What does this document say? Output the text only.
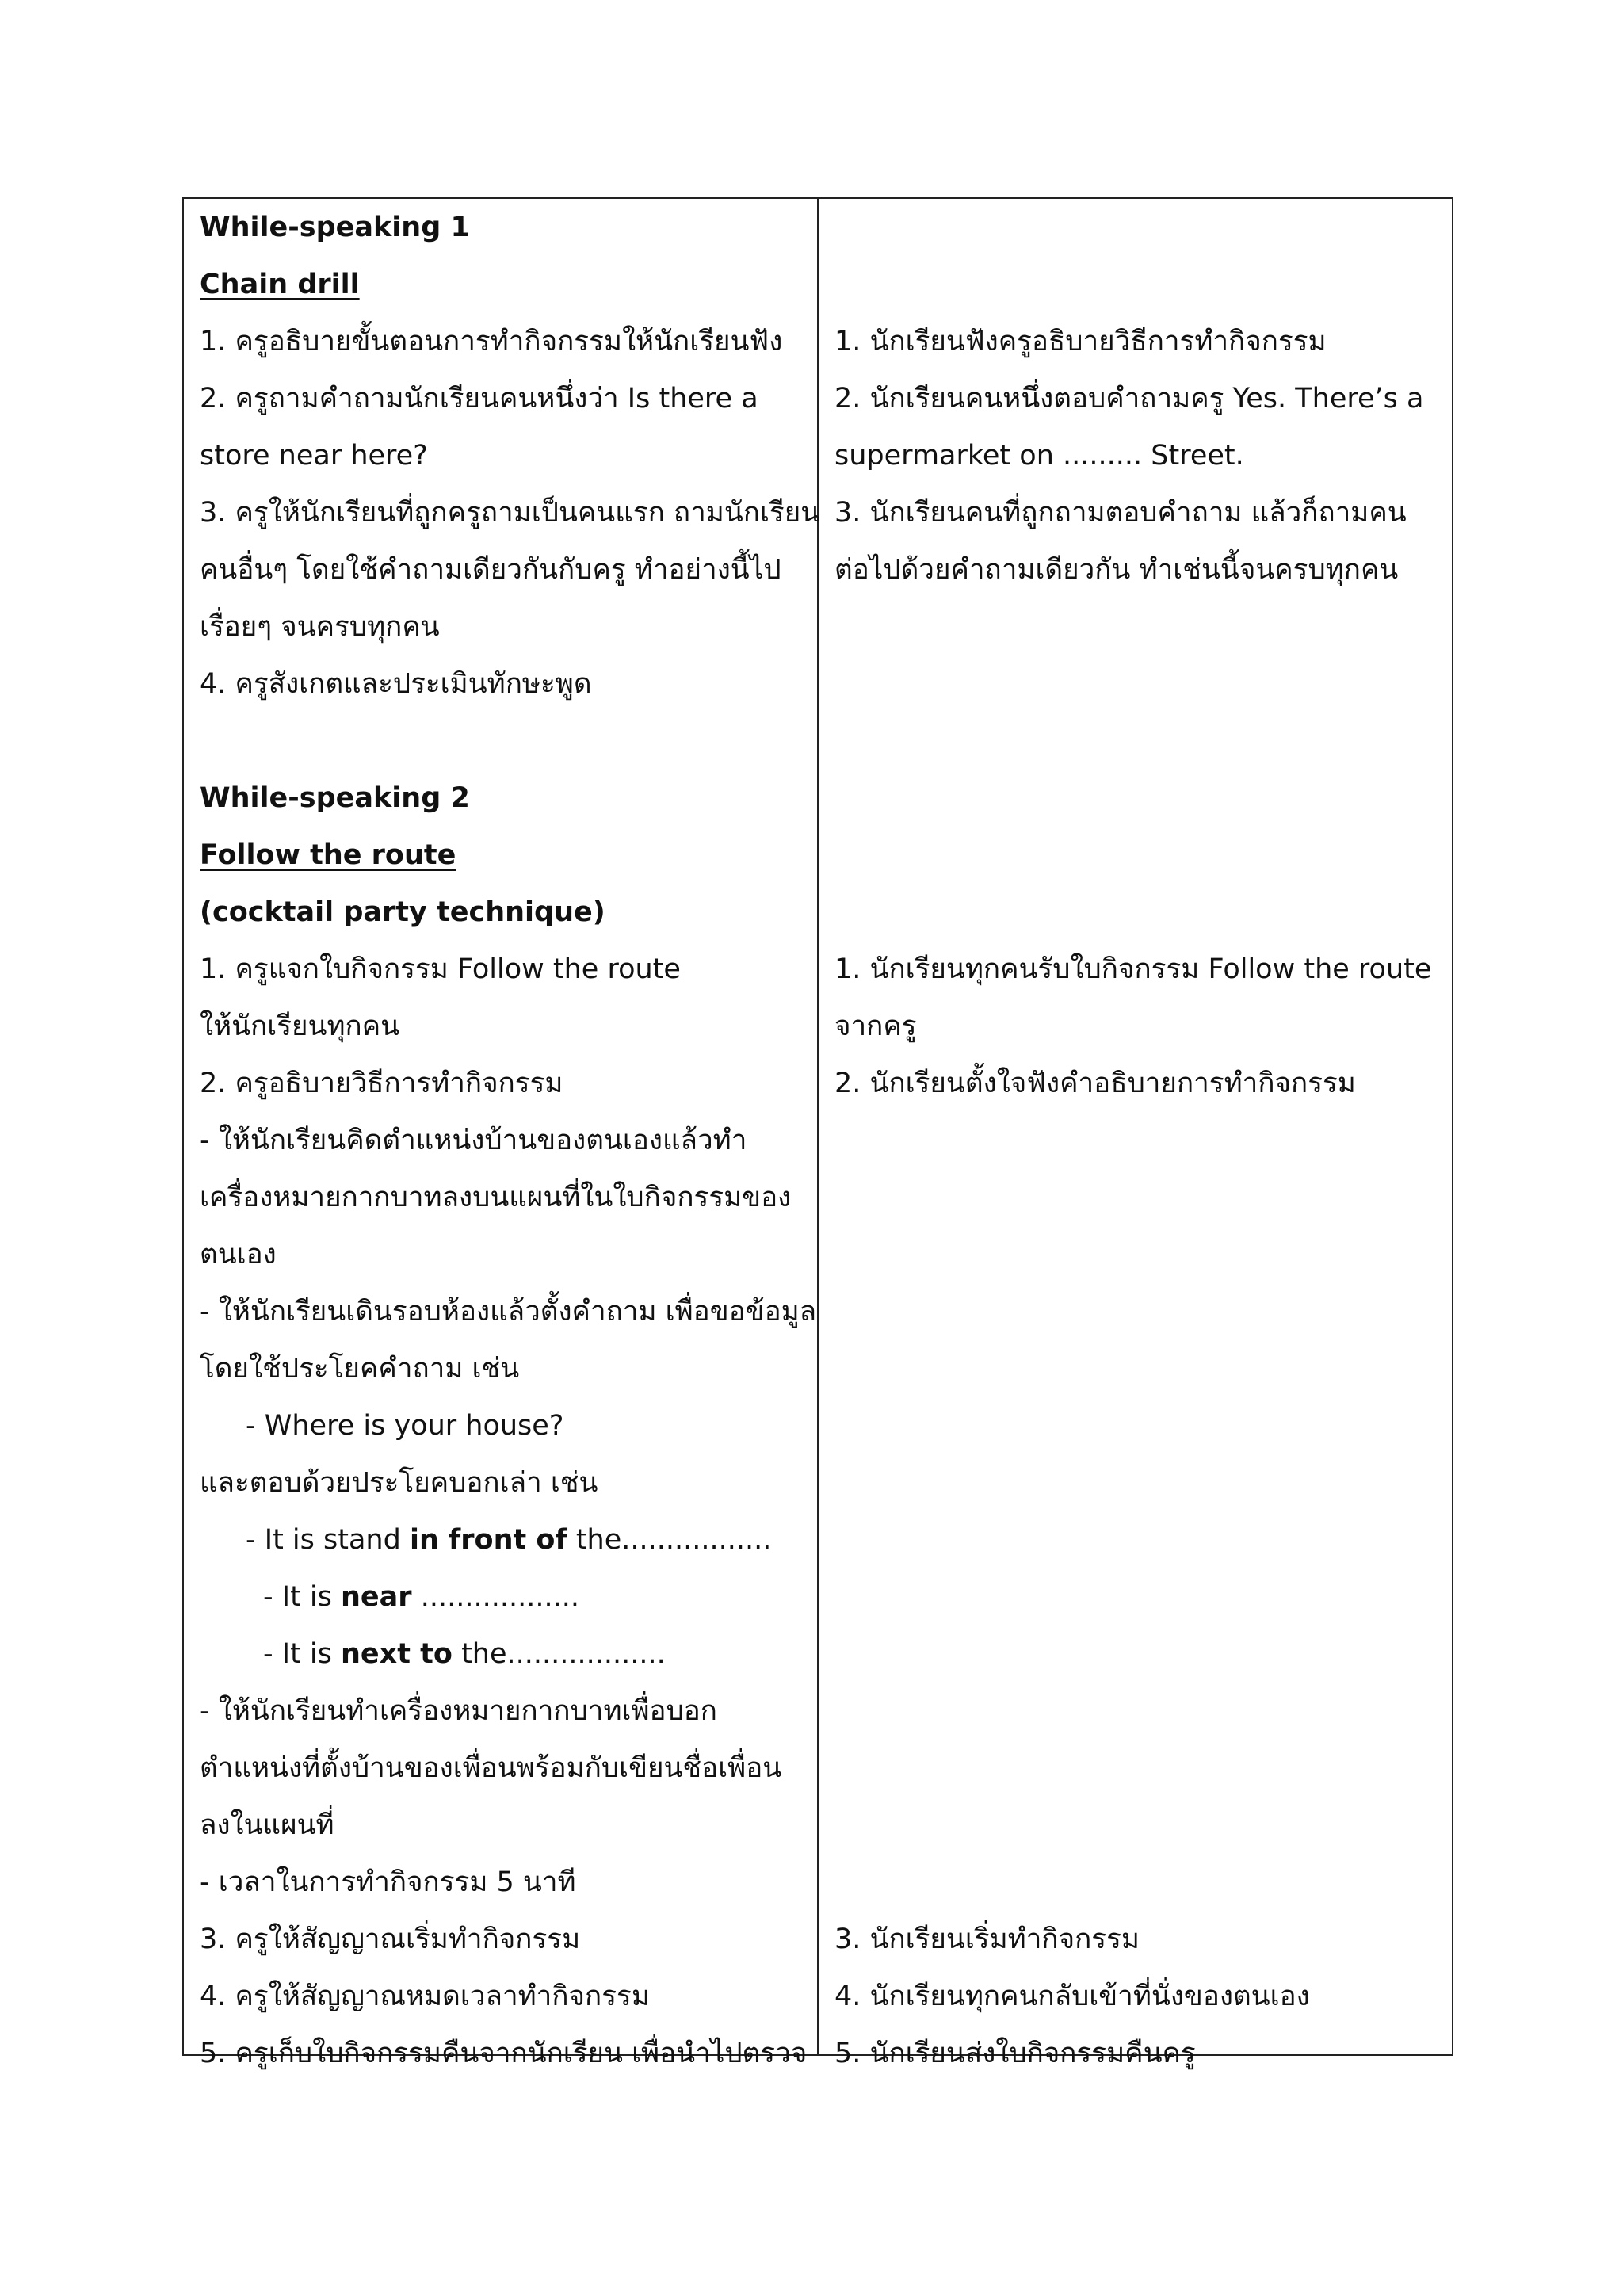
While-speaking 1
Chain drill
1. ครูอธิบายขั้นตอนการทำกิจกรรมให้นักเรียนฟัง
2. ครูถามคำถามนักเรียนคนหนึ่งว่า Is there a
store near here?
3. ครูให้นักเรียนที่ถูกครูถามเป็นคนแรก ถามนักเรียน
คนอื่นๆ โดยใช้คำถามเดียวกันกับครู ทำอย่างนี้ไป
เรื่อยๆ จนครบทุกคน
4. ครูสังเกตและประเมินทักษะพูด
While-speaking 2
Follow the route
(cocktail party technique)
1. ครูแจกใบกิจกรรม Follow the route
ให้นักเรียนทุกคน
2. ครูอธิบายวิธีการทำกิจกรรม
- ให้นักเรียนคิดตำแหน่งบ้านของตนเองแล้วทำ
เครื่องหมายกากบาทลงบนแผนที่ในใบกิจกรรมของ
ตนเอง
- ให้นักเรียนเดินรอบห้องแล้วตั้งคำถาม เพื่อขอข้อมูล
โดยใช้ประโยคคำถาม เช่น
- Where is your house?
และตอบด้วยประโยคบอกเล่า เช่น
- It is stand in front of the.................
- It is near ..................
- It is next to the..................
- ให้นักเรียนทำเครื่องหมายกากบาทเพื่อบอก
ตำแหน่งที่ตั้งบ้านของเพื่อนพร้อมกับเขียนชื่อเพื่อน
ลงในแผนที่
- เวลาในการทำกิจกรรม 5 นาที
3. ครูให้สัญญาณเริ่มทำกิจกรรม
4. ครูให้สัญญาณหมดเวลาทำกิจกรรม
5. ครูเก็บใบกิจกรรมคืนจากนักเรียน เพื่อนำไปตรวจ
1. นักเรียนฟังครูอธิบายวิธีการทำกิจกรรม
2. นักเรียนคนหนึ่งตอบคำถามครู Yes. There’s a
supermarket on ......... Street.
3. นักเรียนคนที่ถูกถามตอบคำถาม แล้วก็ถามคน
ต่อไปด้วยคำถามเดียวกัน ทำเช่นนี้จนครบทุกคน
1. นักเรียนทุกคนรับใบกิจกรรม Follow the route
จากครู
2. นักเรียนตั้งใจฟังคำอธิบายการทำกิจกรรม
3. นักเรียนเริ่มทำกิจกรรม
4. นักเรียนทุกคนกลับเข้าที่นั่งของตนเอง
5. นักเรียนส่งใบกิจกรรมคืนครู
